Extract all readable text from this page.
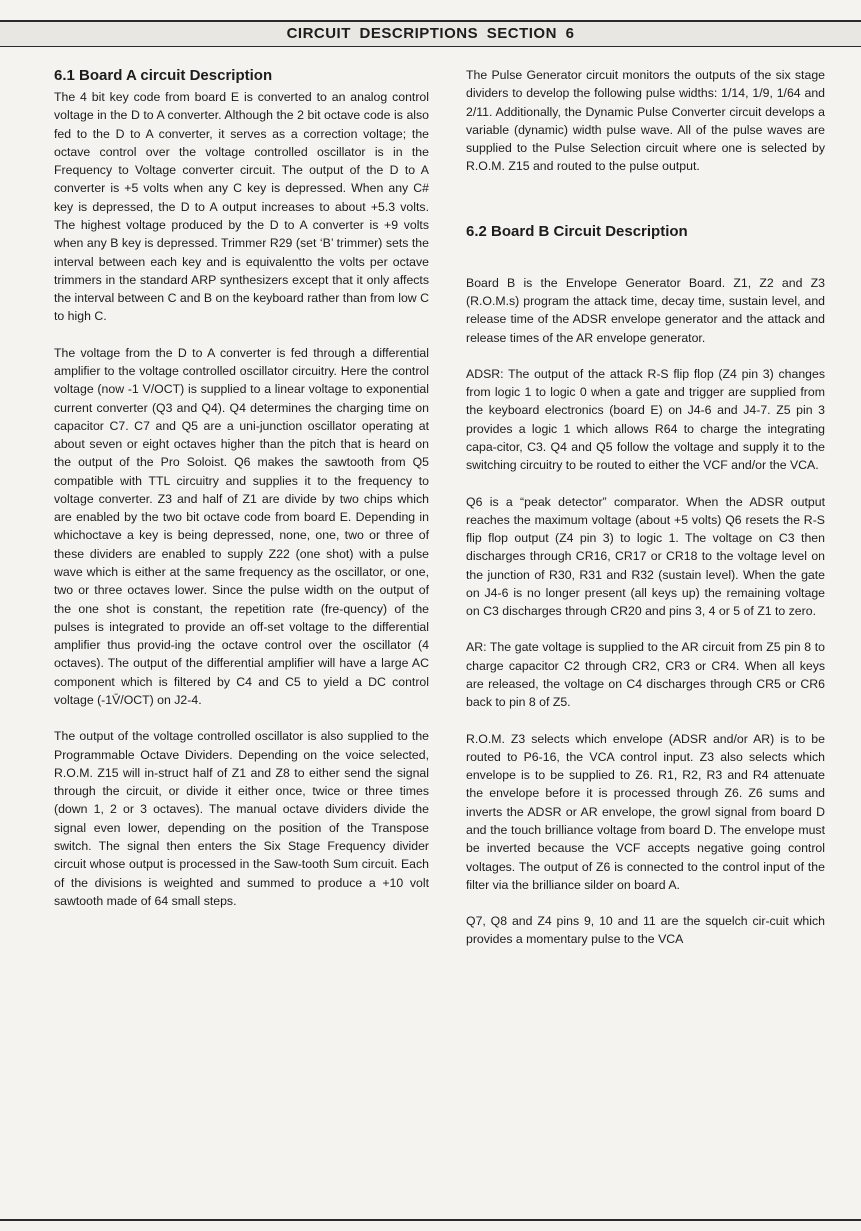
CIRCUIT DESCRIPTIONS SECTION 6
6.1 Board A circuit Description

The 4 bit key code from board E is converted to an analog control voltage in the D to A converter. Although the 2 bit octave code is also fed to the D to A converter, it serves as a correction voltage; the octave control over the voltage controlled oscillator is in the Frequency to Voltage converter circuit. The output of the D to A converter is +5 volts when any C key is depressed. When any C# key is depressed, the D to A output increases to about +5.3 volts. The highest voltage produced by the D to A converter is +9 volts when any B key is depressed. Trimmer R29 (set ‘B’ trimmer) sets the interval between each key and is equivalentto the volts per octave trimmers in the standard ARP synthesizers except that it only affects the interval between C and B on the keyboard rather than from low C to high C.

The voltage from the D to A converter is fed through a differential amplifier to the voltage controlled oscillator circuitry. Here the control voltage (now -1 V/OCT) is supplied to a linear voltage to exponential current converter (Q3 and Q4). Q4 determines the charging time on capacitor C7. C7 and Q5 are a uni-junction oscillator operating at about seven or eight octaves higher than the pitch that is heard on the output of the Pro Soloist. Q6 makes the sawtooth from Q5 compatible with TTL circuitry and supplies it to the frequency to voltage converter. Z3 and half of Z1 are divide by two chips which are enabled by the two bit octave code from board E. Depending in whichoctave a key is being depressed, none, one, two or three of these dividers are enabled to supply Z22 (one shot) with a pulse wave which is either at the same frequency as the oscillator, or one, two or three octaves lower. Since the pulse width on the output of the one shot is constant, the repetition rate (fre-quency) of the pulses is integrated to provide an off-set voltage to the differential amplifier thus provid-ing the octave control over the oscillator (4 octaves). The output of the differential amplifier will have a large AC component which is filtered by C4 and C5 to yield a DC control voltage (-1V̄/OCT) on J2-4.

The output of the voltage controlled oscillator is also supplied to the Programmable Octave Dividers. Depending on the voice selected, R.O.M. Z15 will in-struct half of Z1 and Z8 to either send the signal through the circuit, or divide it either once, twice or three times (down 1, 2 or 3 octaves). The manual octave dividers divide the signal even lower, depending on the position of the Transpose switch. The signal then enters the Six Stage Frequency divider circuit whose output is processed in the Saw-tooth Sum circuit. Each of the divisions is weighted and summed to produce a +10 volt sawtooth made of 64 small steps.

The Pulse Generator circuit monitors the outputs of the six stage dividers to develop the following pulse widths: 1/14, 1/9, 1/64 and 2/11. Additionally, the Dynamic Pulse Converter circuit develops a variable (dynamic) width pulse wave. All of the pulse waves are supplied to the Pulse Selection circuit where one is selected by R.O.M. Z15 and routed to the pulse output.

6.2 Board B Circuit Description

Board B is the Envelope Generator Board. Z1, Z2 and Z3 (R.O.M.s) program the attack time, decay time, sustain level, and release time of the ADSR envelope generator and the attack and release times of the AR envelope generator.

ADSR: The output of the attack R-S flip flop (Z4 pin 3) changes from logic 1 to logic 0 when a gate and trigger are supplied from the keyboard electronics (board E) on J4-6 and J4-7. Z5 pin 3 provides a logic 1 which allows R64 to charge the integrating capa-citor, C3. Q4 and Q5 follow the voltage and supply it to the switching circuitry to be routed to either the VCF and/or the VCA.

Q6 is a “peak detector” comparator. When the ADSR output reaches the maximum voltage (about +5 volts) Q6 resets the R-S flip flop output (Z4 pin 3) to logic 1. The voltage on C3 then discharges through CR16, CR17 or CR18 to the voltage level on the junction of R30, R31 and R32 (sustain level). When the gate on J4-6 is no longer present (all keys up) the remaining voltage on C3 discharges through CR20 and pins 3, 4 or 5 of Z1 to zero.

AR: The gate voltage is supplied to the AR circuit from Z5 pin 8 to charge capacitor C2 through CR2, CR3 or CR4. When all keys are released, the voltage on C4 discharges through CR5 or CR6 back to pin 8 of Z5.

R.O.M. Z3 selects which envelope (ADSR and/or AR) is to be routed to P6-16, the VCA control input. Z3 also selects which envelope is to be supplied to Z6. R1, R2, R3 and R4 attenuate the envelope before it is processed through Z6. Z6 sums and inverts the ADSR or AR envelope, the growl signal from board D and the touch brilliance voltage from board D. The envelope must be inverted because the VCF accepts negative going control voltages. The output of Z6 is connected to the control input of the filter via the brilliance silder on board A.

Q7, Q8 and Z4 pins 9, 10 and 11 are the squelch cir-cuit which provides a momentary pulse to the VCA
